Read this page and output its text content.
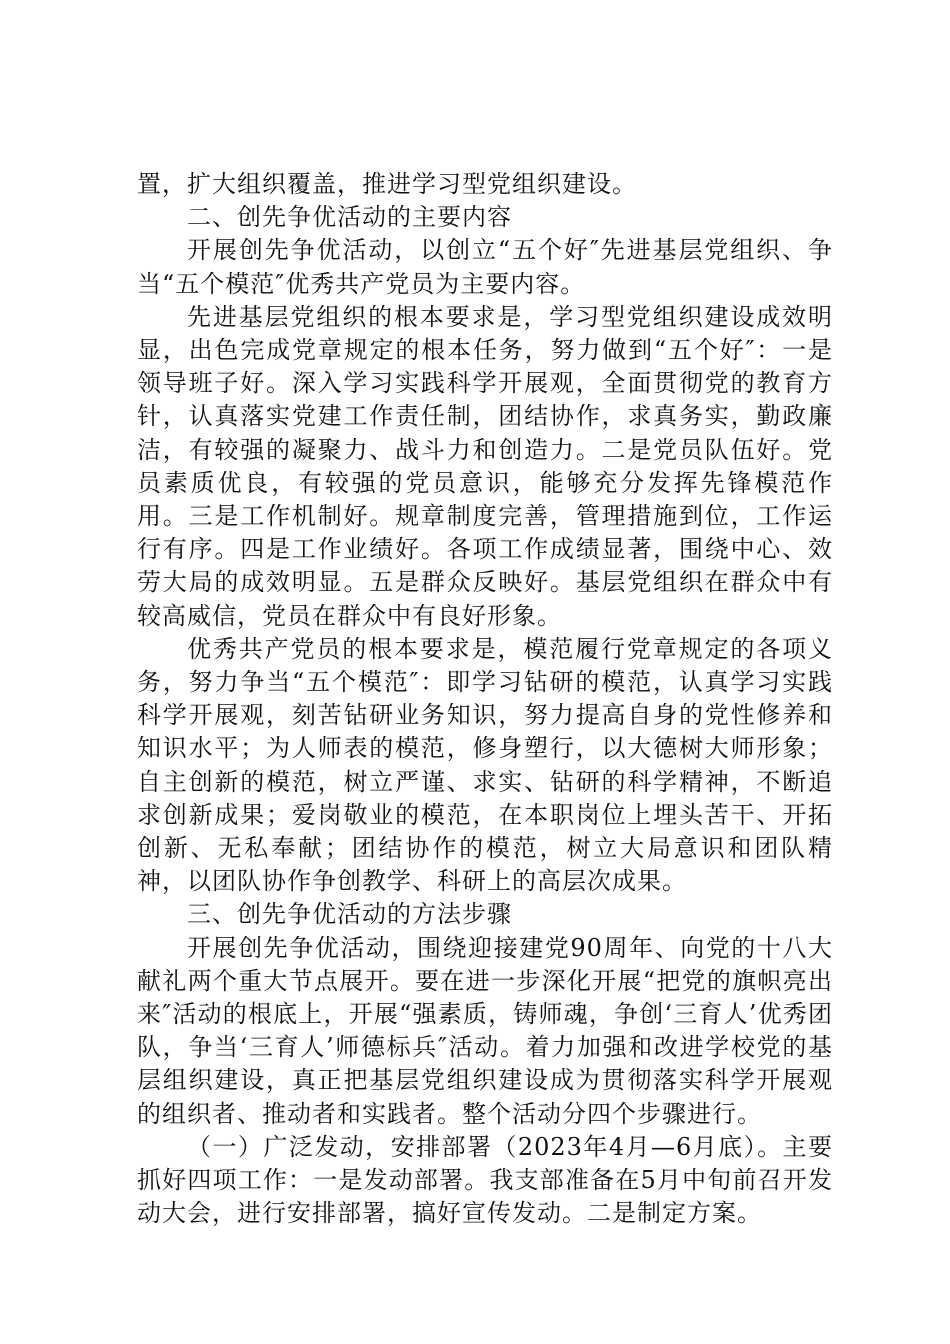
置，扩大组织覆盖，推进学习型党组织建设。

二、创先争优活动的主要内容

开展创先争优活动，以创立“五个好″先进基层党组织、争当“五个模范″优秀共产党员为主要内容。

先进基层党组织的根本要求是，学习型党组织建设成效明显，出色完成党章规定的根本任务，努力做到“五个好″：一是领导班子好。深入学习实践科学开展观，全面贯彻党的教育方针，认真落实党建工作责任制，团结协作，求真务实，勤政廉洁，有较强的凝聚力、战斗力和创造力。二是党员队伍好。党员素质优良，有较强的党员意识，能够充分发挥先锋模范作用。三是工作机制好。规章制度完善，管理措施到位，工作运行有序。四是工作业绩好。各项工作成绩显著，围绕中心、效劳大局的成效明显。五是群众反映好。基层党组织在群众中有较高威信，党员在群众中有良好形象。

优秀共产党员的根本要求是，模范履行党章规定的各项义务，努力争当“五个模范″：即学习钻研的模范，认真学习实践科学开展观，刻苦钻研业务知识，努力提高自身的党性修养和知识水平；为人师表的模范，修身塑行，以大德树大师形象；自主创新的模范，树立严谨、求实、钻研的科学精神，不断追求创新成果；爱岗敬业的模范，在本职岗位上埋头苦干、开拓创新、无私奉献；团结协作的模范，树立大局意识和团队精神，以团队协作争创教学、科研上的高层次成果。

三、创先争优活动的方法步骤

开展创先争优活动，围绕迎接建党90周年、向党的十八大献礼两个重大节点展开。要在进一步深化开展“把党的旗帜亮出来″活动的根底上，开展“强素质，铸师魂，争创‘三育人’优秀团队，争当‘三育人’师德标兵″活动。着力加强和改进学校党的基层组织建设，真正把基层党组织建设成为贯彻落实科学开展观的组织者、推动者和实践者。整个活动分四个步骤进行。

（一）广泛发动，安排部署（2023年4月—6月底）。主要抓好四项工作：一是发动部署。我支部准备在5月中旬前召开发动大会，进行安排部署，搞好宣传发动。二是制定方案。
